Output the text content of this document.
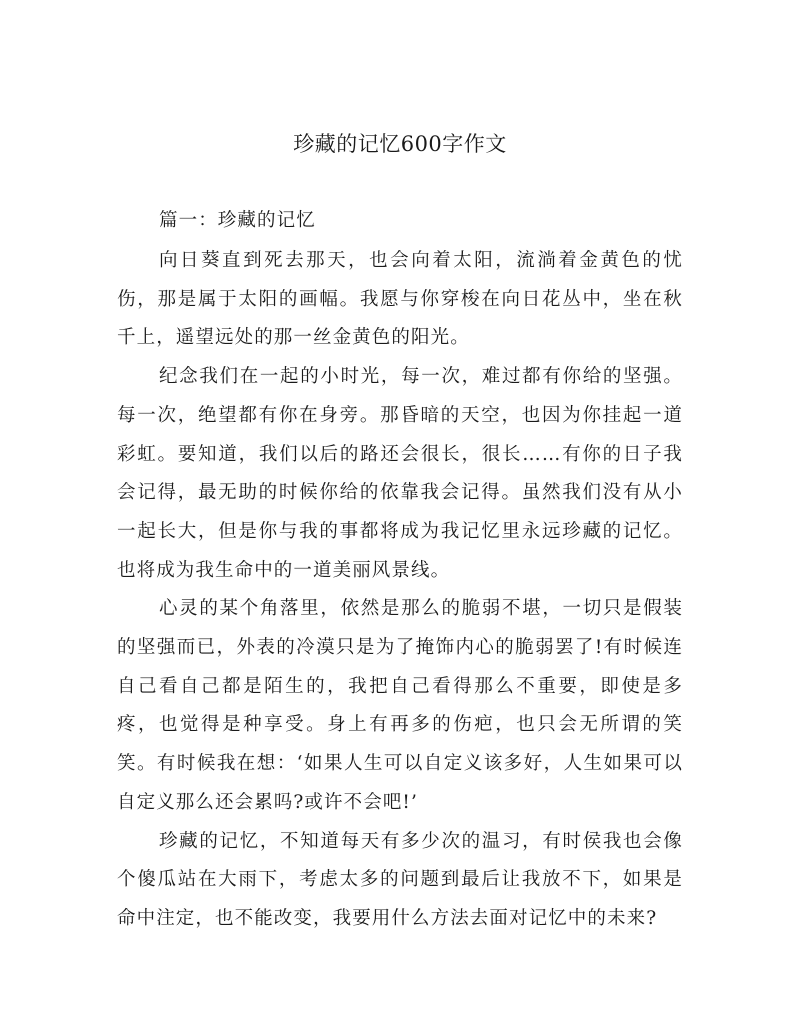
珍藏的记忆600字作文
篇一：珍藏的记忆

向日葵直到死去那天，也会向着太阳，流淌着金黄色的忧伤，那是属于太阳的画幅。我愿与你穿梭在向日花丛中，坐在秋千上，遥望远处的那一丝金黄色的阳光。

纪念我们在一起的小时光，每一次，难过都有你给的坚强。每一次，绝望都有你在身旁。那昏暗的天空，也因为你挂起一道彩虹。要知道，我们以后的路还会很长，很长……有你的日子我会记得，最无助的时候你给的依靠我会记得。虽然我们没有从小一起长大，但是你与我的事都将成为我记忆里永远珍藏的记忆。也将成为我生命中的一道美丽风景线。

心灵的某个角落里，依然是那么的脆弱不堪，一切只是假装的坚强而已，外表的冷漠只是为了掩饰内心的脆弱罢了!有时候连自己看自己都是陌生的，我把自己看得那么不重要，即使是多疼，也觉得是种享受。身上有再多的伤疤，也只会无所谓的笑笑。有时候我在想：‘如果人生可以自定义该多好，人生如果可以自定义那么还会累吗?或许不会吧!’

珍藏的记忆，不知道每天有多少次的温习，有时侯我也会像个傻瓜站在大雨下，考虑太多的问题到最后让我放不下，如果是命中注定，也不能改变，我要用什么方法去面对记忆中的未来?
